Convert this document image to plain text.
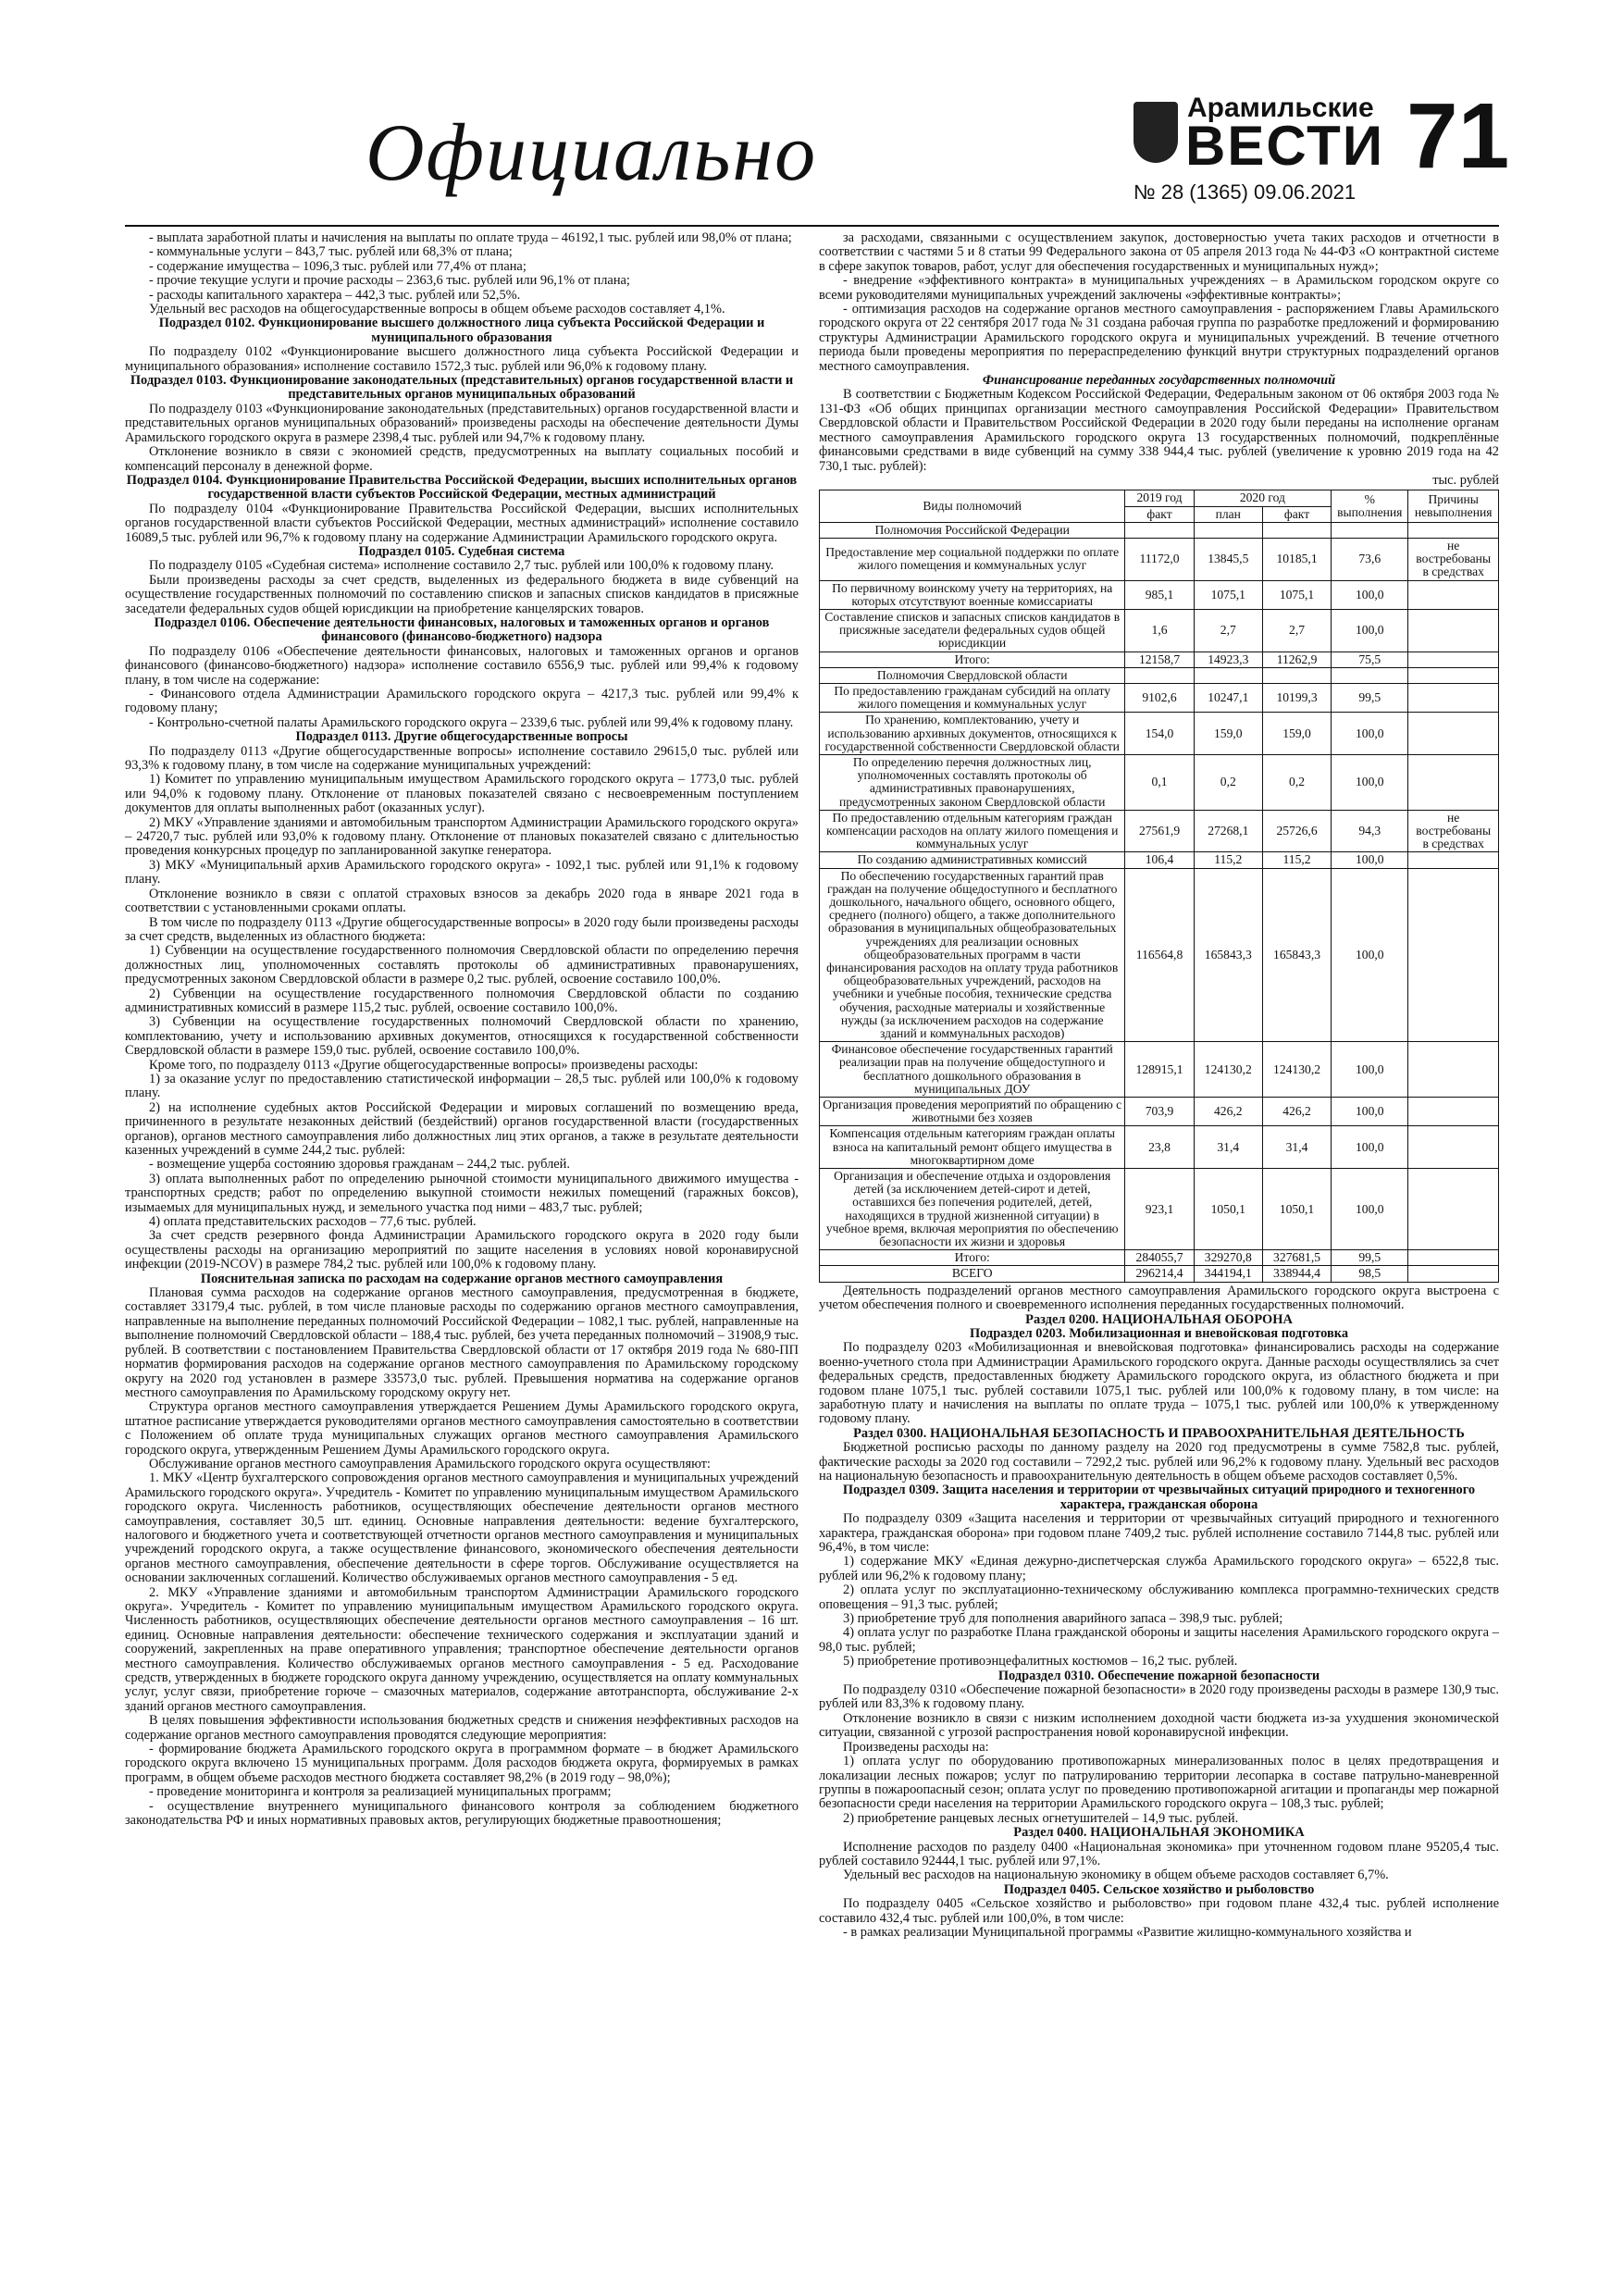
Официально
Арамильские
ВЕСТИ 71
№ 28 (1365) 09.06.2021

- выплата заработной платы и начисления на выплаты по оплате труда – 46192,1 тыс. рублей или 98,0% от плана;

- коммунальные услуги – 843,7 тыс. рублей или 68,3% от плана;

- содержание имущества – 1096,3 тыс. рублей или 77,4% от плана;

- прочие текущие услуги и прочие расходы – 2363,6 тыс. рублей или 96,1% от плана;

- расходы капитального характера – 442,3 тыс. рублей или 52,5%.

Удельный вес расходов на общегосударственные вопросы в общем объеме расходов составляет 4,1%.

Подраздел 0102. Функционирование высшего должностного лица субъекта Российской Федерации и муниципального образования

По подразделу 0102 «Функционирование высшего должностного лица субъекта Российской Федерации и муниципального образования» исполнение составило 1572,3 тыс. рублей или 96,0% к годовому плану.

Подраздел 0103. Функционирование законодательных (представительных) органов государственной власти и представительных органов муниципальных образований

По подразделу 0103 «Функционирование законодательных (представительных) органов государственной власти и представительных органов муниципальных образований» произведены расходы на обеспечение деятельности Думы Арамильского городского округа в размере 2398,4 тыс. рублей или 94,7% к годовому плану.

Отклонение возникло в связи с экономией средств, предусмотренных на выплату социальных пособий и компенсаций персоналу в денежной форме.

Подраздел 0104. Функционирование Правительства Российской Федерации, высших исполнительных органов государственной власти субъектов Российской Федерации, местных администраций

По подразделу 0104 «Функционирование Правительства Российской Федерации, высших исполнительных органов государственной власти субъектов Российской Федерации, местных администраций» исполнение составило 16089,5 тыс. рублей или 96,7% к годовому плану на содержание Администрации Арамильского городского округа.

Подраздел 0105. Судебная система

По подразделу 0105 «Судебная система» исполнение составило 2,7 тыс. рублей или 100,0% к годовому плану.

Были произведены расходы за счет средств, выделенных из федерального бюджета в виде субвенций на осуществление государственных полномочий по составлению списков и запасных списков кандидатов в присяжные заседатели федеральных судов общей юрисдикции на приобретение канцелярских товаров.

Подраздел 0106. Обеспечение деятельности финансовых, налоговых и таможенных органов и органов финансового (финансово-бюджетного) надзора

По подразделу 0106 «Обеспечение деятельности финансовых, налоговых и таможенных органов и органов финансового (финансово-бюджетного) надзора» исполнение составило 6556,9 тыс. рублей или 99,4% к годовому плану, в том числе на содержание:

- Финансового отдела Администрации Арамильского городского округа – 4217,3 тыс. рублей или 99,4% к годовому плану;

- Контрольно-счетной палаты Арамильского городского округа – 2339,6 тыс. рублей или 99,4% к годовому плану.

Подраздел 0113. Другие общегосударственные вопросы

По подразделу 0113 «Другие общегосударственные вопросы» исполнение составило 29615,0 тыс. рублей или 93,3% к годовому плану, в том числе на содержание муниципальных учреждений:

1) Комитет по управлению муниципальным имуществом Арамильского городского округа – 1773,0 тыс. рублей или 94,0% к годовому плану. Отклонение от плановых показателей связано с несвоевременным поступлением документов для оплаты выполненных работ (оказанных услуг).

2) МКУ «Управление зданиями и автомобильным транспортом Администрации Арамильского городского округа» – 24720,7 тыс. рублей или 93,0% к годовому плану. Отклонение от плановых показателей связано с длительностью проведения конкурсных процедур по запланированной закупке генератора.

3) МКУ «Муниципальный архив Арамильского городского округа» - 1092,1 тыс. рублей или 91,1% к годовому плану.

Отклонение возникло в связи с оплатой страховых взносов за декабрь 2020 года в январе 2021 года в соответствии с установленными сроками оплаты.

В том числе по подразделу 0113 «Другие общегосударственные вопросы» в 2020 году были произведены расходы за счет средств, выделенных из областного бюджета:

1) Субвенции на осуществление государственного полномочия Свердловской области по определению перечня должностных лиц, уполномоченных составлять протоколы об административных правонарушениях, предусмотренных законом Свердловской области в размере 0,2 тыс. рублей, освоение составило 100,0%.

2) Субвенции на осуществление государственного полномочия Свердловской области по созданию административных комиссий в размере 115,2 тыс. рублей, освоение составило 100,0%.

3) Субвенции на осуществление государственных полномочий Свердловской области по хранению, комплектованию, учету и использованию архивных документов, относящихся к государственной собственности Свердловской области в размере 159,0 тыс. рублей, освоение составило 100,0%.

Кроме того, по подразделу 0113 «Другие общегосударственные вопросы» произведены расходы:

1) за оказание услуг по предоставлению статистической информации – 28,5 тыс. рублей или 100,0% к годовому плану.

2) на исполнение судебных актов Российской Федерации и мировых соглашений по возмещению вреда, причиненного в результате незаконных действий (бездействий) органов государственной власти (государственных органов), органов местного самоуправления либо должностных лиц этих органов, а также в результате деятельности казенных учреждений в сумме 244,2 тыс. рублей:

- возмещение ущерба состоянию здоровья гражданам – 244,2 тыс. рублей.

3) оплата выполненных работ по определению рыночной стоимости муниципального движимого имущества - транспортных средств; работ по определению выкупной стоимости нежилых помещений (гаражных боксов), изымаемых для муниципальных нужд, и земельного участка под ними – 483,7 тыс. рублей;

4) оплата представительских расходов – 77,6 тыс. рублей.

За счет средств резервного фонда Администрации Арамильского городского округа в 2020 году были осуществлены расходы на организацию мероприятий по защите населения в условиях новой коронавирусной инфекции (2019-NCOV) в размере 784,2 тыс. рублей или 100,0% к годовому плану.

Пояснительная записка по расходам на содержание органов местного самоуправления

Плановая сумма расходов на содержание органов местного самоуправления, предусмотренная в бюджете, составляет 33179,4 тыс. рублей, в том числе плановые расходы по содержанию органов местного самоуправления, направленные на выполнение переданных полномочий Российской Федерации – 1082,1 тыс. рублей, направленные на выполнение полномочий Свердловской области – 188,4 тыс. рублей, без учета переданных полномочий – 31908,9 тыс. рублей. В соответствии с постановлением Правительства Свердловской области от 17 октября 2019 года № 680-ПП норматив формирования расходов на содержание органов местного самоуправления по Арамильскому городскому округу на 2020 год установлен в размере 33573,0 тыс. рублей. Превышения норматива на содержание органов местного самоуправления по Арамильскому городскому округу нет.

Структура органов местного самоуправления утверждается Решением Думы Арамильского городского округа, штатное расписание утверждается руководителями органов местного самоуправления самостоятельно в соответствии с Положением об оплате труда муниципальных служащих органов местного самоуправления Арамильского городского округа, утвержденным Решением Думы Арамильского городского округа.

Обслуживание органов местного самоуправления Арамильского городского округа осуществляют:

1. МКУ «Центр бухгалтерского сопровождения органов местного самоуправления и муниципальных учреждений Арамильского городского округа». Учредитель - Комитет по управлению муниципальным имуществом Арамильского городского округа. Численность работников, осуществляющих обеспечение деятельности органов местного самоуправления, составляет 30,5 шт. единиц. Основные направления деятельности: ведение бухгалтерского, налогового и бюджетного учета и соответствующей отчетности органов местного самоуправления и муниципальных учреждений городского округа, а также осуществление финансового, экономического обеспечения деятельности органов местного самоуправления, обеспечение деятельности в сфере торгов. Обслуживание осуществляется на основании заключенных соглашений. Количество обслуживаемых органов местного самоуправления - 5 ед.

2. МКУ «Управление зданиями и автомобильным транспортом Администрации Арамильского городского округа». Учредитель - Комитет по управлению муниципальным имуществом Арамильского городского округа. Численность работников, осуществляющих обеспечение деятельности органов местного самоуправления – 16 шт. единиц. Основные направления деятельности: обеспечение технического содержания и эксплуатации зданий и сооружений, закрепленных на праве оперативного управления; транспортное обеспечение деятельности органов местного самоуправления. Количество обслуживаемых органов местного самоуправления - 5 ед. Расходование средств, утвержденных в бюджете городского округа данному учреждению, осуществляется на оплату коммунальных услуг, услуг связи, приобретение горюче – смазочных материалов, содержание автотранспорта, обслуживание 2-х зданий органов местного самоуправления.

В целях повышения эффективности использования бюджетных средств и снижения неэффективных расходов на содержание органов местного самоуправления проводятся следующие мероприятия:

- формирование бюджета Арамильского городского округа в программном формате – в бюджет Арамильского городского округа включено 15 муниципальных программ. Доля расходов бюджета округа, формируемых в рамках программ, в общем объеме расходов местного бюджета составляет 98,2% (в 2019 году – 98,0%);

- проведение мониторинга и контроля за реализацией муниципальных программ;

- осуществление внутреннего муниципального финансового контроля за соблюдением бюджетного законодательства РФ и иных нормативных правовых актов, регулирующих бюджетные правоотношения;

за расходами, связанными с осуществлением закупок, достоверностью учета таких расходов и отчетности в соответствии с частями 5 и 8 статьи 99 Федерального закона от 05 апреля 2013 года № 44-ФЗ «О контрактной системе в сфере закупок товаров, работ, услуг для обеспечения государственных и муниципальных нужд»;

- внедрение «эффективного контракта» в муниципальных учреждениях – в Арамильском городском округе со всеми руководителями муниципальных учреждений заключены «эффективные контракты»;

- оптимизация расходов на содержание органов местного самоуправления - распоряжением Главы Арамильского городского округа от 22 сентября 2017 года № 31 создана рабочая группа по разработке предложений и формированию структуры Администрации Арамильского городского округа и муниципальных учреждений. В течение отчетного периода были проведены мероприятия по перераспределению функций внутри структурных подразделений органов местного самоуправления.

Финансирование переданных государственных полномочий

В соответствии с Бюджетным Кодексом Российской Федерации, Федеральным законом от 06 октября 2003 года № 131-ФЗ «Об общих принципах организации местного самоуправления Российской Федерации» Правительством Свердловской области и Правительством Российской Федерации в 2020 году были переданы на исполнение органам местного самоуправления Арамильского городского округа 13 государственных полномочий, подкреплённые финансовыми средствами в виде субвенций на сумму 338 944,4 тыс. рублей (увеличение к уровню 2019 года на 42 730,1 тыс. рублей):

тыс. рублей

Виды полномочий	2019 год	2020 год		% выполнения	Причины невыполнения
	факт	план	факт		
Полномочия Российской Федерации					
Предоставление мер социальной поддержки по оплате жилого помещения и коммунальных услуг	11172,0	13845,5	10185,1	73,6	не востребованы в средствах
По первичному воинскому учету на территориях, на которых отсутствуют военные комиссариаты	985,1	1075,1	1075,1	100,0	
Составление списков и запасных списков кандидатов в присяжные заседатели федеральных судов общей юрисдикции	1,6	2,7	2,7	100,0	
Итого:	12158,7	14923,3	11262,9	75,5	
Полномочия Свердловской области					
По предоставлению гражданам субсидий на оплату жилого помещения и коммунальных услуг	9102,6	10247,1	10199,3	99,5	
По хранению, комплектованию, учету и использованию архивных документов, относящихся к государственной собственности Свердловской области	154,0	159,0	159,0	100,0	
По определению перечня должностных лиц, уполномоченных составлять протоколы об административных правонарушениях, предусмотренных законом Свердловской области	0,1	0,2	0,2	100,0	
По предоставлению отдельным категориям граждан компенсации расходов на оплату жилого помещения и коммунальных услуг	27561,9	27268,1	25726,6	94,3	не востребованы в средствах
По созданию административных комиссий	106,4	115,2	115,2	100,0	
По обеспечению государственных гарантий прав граждан на получение общедоступного и бесплатного дошкольного, начального общего, основного общего, среднего (полного) общего, а также дополнительного образования в муниципальных общеобразовательных учреждениях для реализации основных общеобразовательных программ в части финансирования расходов на оплату труда работников общеобразовательных учреждений, расходов на учебники и учебные пособия, технические средства обучения, расходные материалы и хозяйственные нужды (за исключением расходов на содержание зданий и коммунальных расходов)	116564,8	165843,3	165843,3	100,0	
Финансовое обеспечение государственных гарантий реализации прав на получение общедоступного и бесплатного дошкольного образования в муниципальных ДОУ	128915,1	124130,2	124130,2	100,0	
Организация проведения мероприятий по обращению с животными без хозяев	703,9	426,2	426,2	100,0	
Компенсация отдельным категориям граждан оплаты взноса на капитальный ремонт общего имущества в многоквартирном доме	23,8	31,4	31,4	100,0	
Организация и обеспечение отдыха и оздоровления детей (за исключением детей-сирот и детей, оставшихся без попечения родителей, детей, находящихся в трудной жизненной ситуации) в учебное время, включая мероприятия по обеспечению безопасности их жизни и здоровья	923,1	1050,1	1050,1	100,0	
Итого:	284055,7	329270,8	327681,5	99,5	
ВСЕГО	296214,4	344194,1	338944,4	98,5	

Деятельность подразделений органов местного самоуправления Арамильского городского округа выстроена с учетом обеспечения полного и своевременного исполнения переданных государственных полномочий.

Раздел 0200. НАЦИОНАЛЬНАЯ ОБОРОНА

Подраздел 0203. Мобилизационная и вневойсковая подготовка

По подразделу 0203 «Мобилизационная и вневойсковая подготовка» финансировались расходы на содержание военно-учетного стола при Администрации Арамильского городского округа. Данные расходы осуществлялись за счет федеральных средств, предоставленных бюджету Арамильского городского округа, из областного бюджета и при годовом плане 1075,1 тыс. рублей составили 1075,1 тыс. рублей или 100,0% к годовому плану, в том числе: на заработную плату и начисления на выплаты по оплате труда – 1075,1 тыс. рублей или 100,0% к утвержденному годовому плану.

Раздел 0300. НАЦИОНАЛЬНАЯ БЕЗОПАСНОСТЬ И ПРАВООХРАНИТЕЛЬНАЯ ДЕЯТЕЛЬНОСТЬ

Бюджетной росписью расходы по данному разделу на 2020 год предусмотрены в сумме 7582,8 тыс. рублей, фактические расходы за 2020 год составили – 7292,2 тыс. рублей или 96,2% к годовому плану. Удельный вес расходов на национальную безопасность и правоохранительную деятельность в общем объеме расходов составляет 0,5%.

Подраздел 0309. Защита населения и территории от чрезвычайных ситуаций природного и техногенного характера, гражданская оборона

По подразделу 0309 «Защита населения и территории от чрезвычайных ситуаций природного и техногенного характера, гражданская оборона» при годовом плане 7409,2 тыс. рублей исполнение составило 7144,8 тыс. рублей или 96,4%, в том числе:

1) содержание МКУ «Единая дежурно-диспетчерская служба Арамильского городского округа» – 6522,8 тыс. рублей или 96,2% к годовому плану;

2) оплата услуг по эксплуатационно-техническому обслуживанию комплекса программно-технических средств оповещения – 91,3 тыс. рублей;

3) приобретение труб для пополнения аварийного запаса – 398,9 тыс. рублей;

4) оплата услуг по разработке Плана гражданской обороны и защиты населения Арамильского городского округа – 98,0 тыс. рублей;

5) приобретение противоэнцефалитных костюмов – 16,2 тыс. рублей.

Подраздел 0310. Обеспечение пожарной безопасности

По подразделу 0310 «Обеспечение пожарной безопасности» в 2020 году произведены расходы в размере 130,9 тыс. рублей или 83,3% к годовому плану.

Отклонение возникло в связи с низким исполнением доходной части бюджета из-за ухудшения экономической ситуации, связанной с угрозой распространения новой коронавирусной инфекции.

Произведены расходы на:

1) оплата услуг по оборудованию противопожарных минерализованных полос в целях предотвращения и локализации лесных пожаров; услуг по патрулированию территории лесопарка в составе патрульно-маневренной группы в пожароопасный сезон; оплата услуг по проведению противопожарной агитации и пропаганды мер пожарной безопасности среди населения на территории Арамильского городского округа – 108,3 тыс. рублей;

2) приобретение ранцевых лесных огнетушителей – 14,9 тыс. рублей.

Раздел 0400. НАЦИОНАЛЬНАЯ ЭКОНОМИКА

Исполнение расходов по разделу 0400 «Национальная экономика» при уточненном годовом плане 95205,4 тыс. рублей составило 92444,1 тыс. рублей или 97,1%.

Удельный вес расходов на национальную экономику в общем объеме расходов составляет 6,7%.

Подраздел 0405. Сельское хозяйство и рыболовство

По подразделу 0405 «Сельское хозяйство и рыболовство» при годовом плане 432,4 тыс. рублей исполнение составило 432,4 тыс. рублей или 100,0%, в том числе:

- в рамках реализации Муниципальной программы «Развитие жилищно-коммунального хозяйства и
